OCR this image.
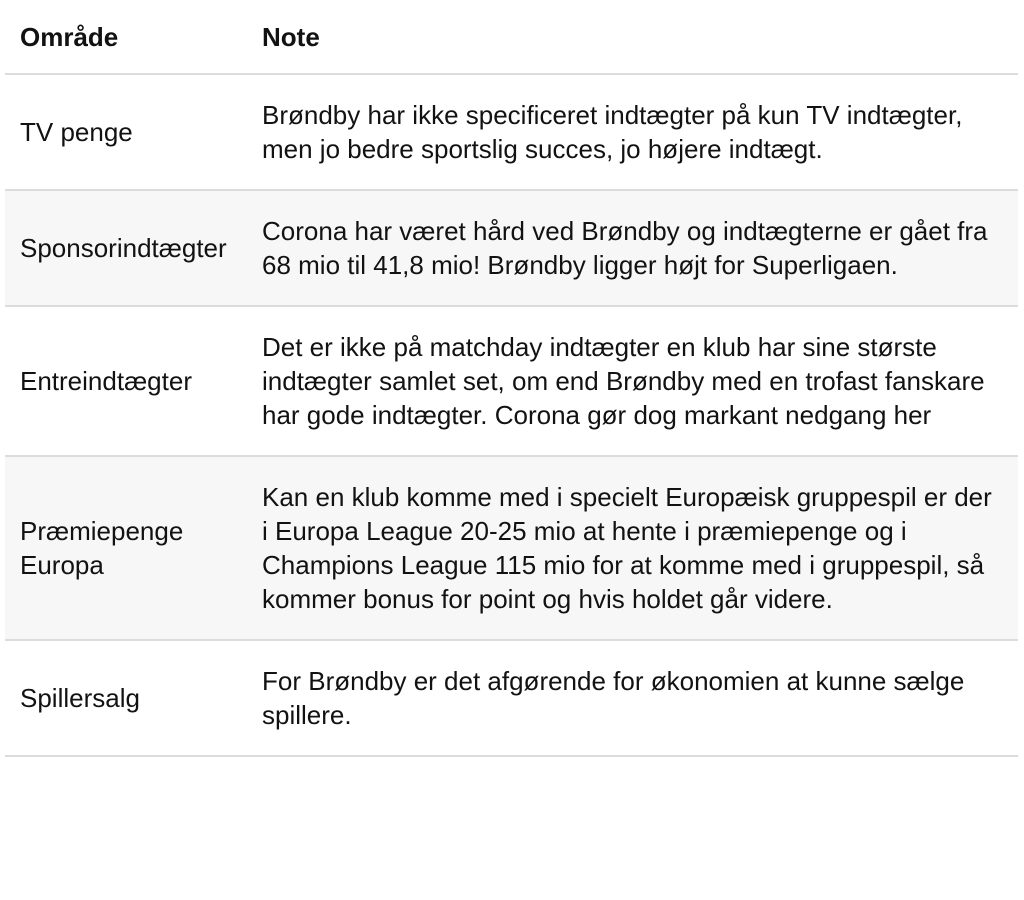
Område	Note
TV penge	Brøndby har ikke specificeret indtægter på kun TV indtægter, men jo bedre sportslig succes, jo højere indtægt.
Sponsorindtægter	Corona har været hård ved Brøndby og indtægterne er gået fra 68 mio til 41,8 mio! Brøndby ligger højt for Superligaen.
Entreindtægter	Det er ikke på matchday indtægter en klub har sine største indtægter samlet set, om end Brøndby med en trofast fanskare har gode indtægter. Corona gør dog markant nedgang her
Præmiepenge Europa	Kan en klub komme med i specielt Europæisk gruppespil er der i Europa League 20-25 mio at hente i præmiepenge og i Champions League 115 mio for at komme med i gruppespil, så kommer bonus for point og hvis holdet går videre.
Spillersalg	For Brøndby er det afgørende for økonomien at kunne sælge spillere.
